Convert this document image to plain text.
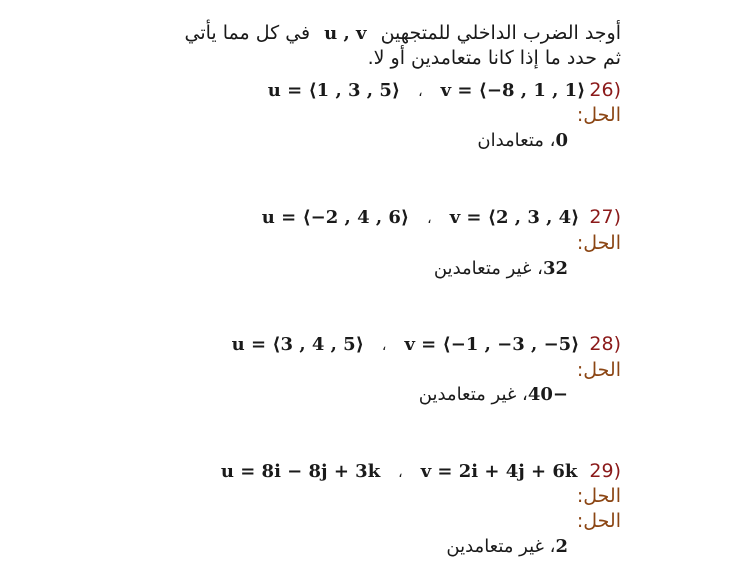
أوجد الضرب الداخلي للمتجهين u , v في كل مما يأتي
ثم حدد ما إذا كانا متعامدين أو لا.
u = ⟨1 , 3 , 5⟩ ، v = ⟨−8 , 1 , 1⟩ 26)
الحل:
0، متعامدان
u = ⟨−2 , 4 , 6⟩ ، v = ⟨2 , 3 , 4⟩ 27)
الحل:
32، غير متعامدين
u = ⟨3 , 4 , 5⟩ ، v = ⟨−1 , −3 , −5⟩ 28)
الحل:
−40، غير متعامدين
u = 8i − 8j + 3k ، v = 2i + 4j + 6k 29)
الحل:
الحل:
2، غير متعامدين
